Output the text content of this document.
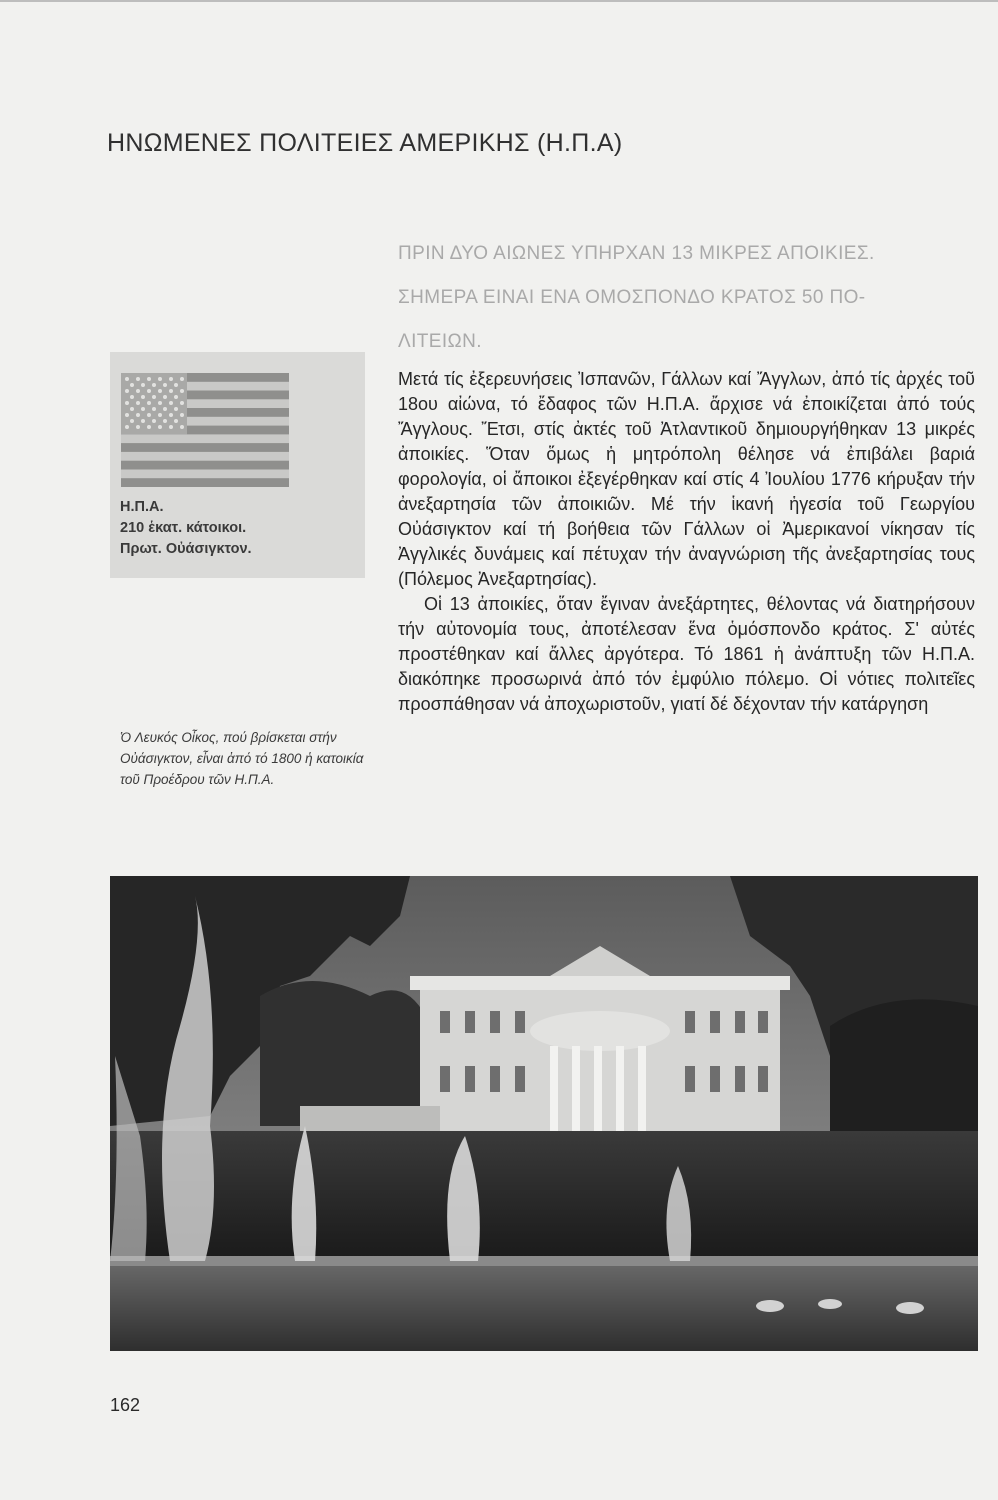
ΗΝΩΜΕΝΕΣ ΠΟΛΙΤΕΙΕΣ ΑΜΕΡΙΚΗΣ (Η.Π.Α)

ΠΡΙΝ ΔΥΟ ΑΙΩΝΕΣ ΥΠΗΡΧΑΝ 13 ΜΙΚΡΕΣ ΑΠΟΙΚΙΕΣ.

ΣΗΜΕΡΑ ΕΙΝΑΙ ΕΝΑ ΟΜΟΣΠΟΝΔΟ ΚΡΑΤΟΣ 50 ΠΟ-

ΛΙΤΕΙΩΝ.

Η.Π.Α.
210 ἑκατ. κάτοικοι.
Πρωτ. Οὐάσιγκτον.
Ὁ Λευκός Οἶκος, πού βρίσκεται στήν Οὐάσιγκτον, εἶναι ἀπό τό 1800 ἡ κατοικία τοῦ Προέδρου τῶν Η.Π.Α.

Μετά τίς ἐξερευνήσεις Ἰσπανῶν, Γάλλων καί Ἄγγλων, ἀπό τίς ἀρχές τοῦ 18ου αἰώνα, τό ἔδαφος τῶν Η.Π.Α. ἄρχισε νά ἐποικίζεται ἀπό τούς Ἄγγλους. Ἔτσι, στίς ἀκτές τοῦ Ἀτλαντικοῦ δημιουργήθηκαν 13 μικρές ἀποικίες. Ὅταν ὅμως ἡ μητρόπολη θέλησε νά ἐπιβάλει βαριά φορολογία, οἱ ἄποικοι ἐξεγέρθηκαν καί στίς 4 Ἰουλίου 1776 κήρυξαν τήν ἀνεξαρτησία τῶν ἀποικιῶν. Μέ τήν ἱκανή ἡγεσία τοῦ Γεωργίου Οὐάσιγκτον καί τή βοήθεια τῶν Γάλλων οἱ Ἀμερικανοί νίκησαν τίς Ἀγγλικές δυνάμεις καί πέτυχαν τήν ἀναγνώριση τῆς ἀνεξαρτησίας τους (Πόλεμος Ἀνεξαρτησίας).

Οἱ 13 ἀποικίες, ὅταν ἔγιναν ἀνεξάρτητες, θέλοντας νά διατηρήσουν τήν αὐτονομία τους, ἀποτέλεσαν ἕνα ὁμόσπονδο κράτος. Σ' αὐτές προστέθηκαν καί ἄλλες ἀργότερα. Τό 1861 ἡ ἀνάπτυξη τῶν Η.Π.Α. διακόπηκε προσωρινά ἀπό τόν ἐμφύλιο πόλεμο. Οἱ νότιες πολιτεῖες προσπάθησαν νά ἀποχωριστοῦν, γιατί δέ δέχονταν τήν κατάργηση

162
